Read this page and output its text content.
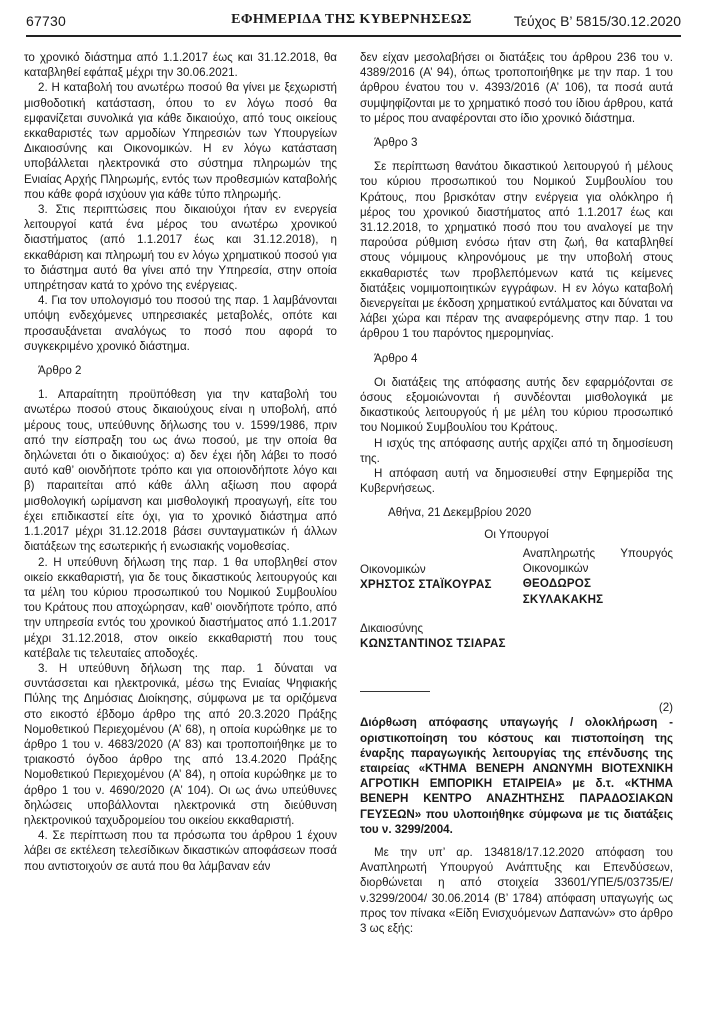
67730	ΕΦΗΜΕΡΙΔΑ ΤΗΣ ΚΥΒΕΡΝΗΣΕΩΣ	Τεύχος Β’ 5815/30.12.2020

το χρονικό διάστημα από 1.1.2017 έως και 31.12.2018, θα καταβληθεί εφάπαξ μέχρι την 30.06.2021.

2. Η καταβολή του ανωτέρω ποσού θα γίνει με ξεχωριστή μισθοδοτική κατάσταση, όπου το εν λόγω ποσό θα εμφανίζεται συνολικά για κάθε δικαιούχο, από τους οικείους εκκαθαριστές των αρμοδίων Υπηρεσιών των Υπουργείων Δικαιοσύνης και Οικονομικών. Η εν λόγω κατάσταση υποβάλλεται ηλεκτρονικά στο σύστημα πληρωμών της Ενιαίας Αρχής Πληρωμής, εντός των προθεσμιών καταβολής που κάθε φορά ισχύουν για κάθε τύπο πληρωμής.

3. Στις περιπτώσεις που δικαιούχοι ήταν εν ενεργεία λειτουργοί κατά ένα μέρος του ανωτέρω χρονικού διαστήματος (από 1.1.2017 έως και 31.12.2018), η εκκαθάριση και πληρωμή του εν λόγω χρηματικού ποσού για το διάστημα αυτό θα γίνει από την Υπηρεσία, στην οποία υπηρέτησαν κατά το χρόνο της ενέργειας.

4. Για τον υπολογισμό του ποσού της παρ. 1 λαμβάνονται υπόψη ενδεχόμενες υπηρεσιακές μεταβολές, οπότε και προσαυξάνεται αναλόγως το ποσό που αφορά το συγκεκριμένο χρονικό διάστημα.

Άρθρο 2

1. Απαραίτητη προϋπόθεση για την καταβολή του ανωτέρω ποσού στους δικαιούχους είναι η υποβολή, από μέρους τους, υπεύθυνης δήλωσης του ν. 1599/1986, πριν από την είσπραξη του ως άνω ποσού, με την οποία θα δηλώνεται ότι ο δικαιούχος: α) δεν έχει ήδη λάβει το ποσό αυτό καθ’ οιονδήποτε τρόπο και για οποιονδήποτε λόγο και β) παραιτείται από κάθε άλλη αξίωση που αφορά μισθολογική ωρίμανση και μισθολογική προαγωγή, είτε του έχει επιδικαστεί είτε όχι, για το χρονικό διάστημα από 1.1.2017 μέχρι 31.12.2018 βάσει συνταγματικών ή άλλων διατάξεων της εσωτερικής ή ενωσιακής νομοθεσίας.

2. Η υπεύθυνη δήλωση της παρ. 1 θα υποβληθεί στον οικείο εκκαθαριστή, για δε τους δικαστικούς λειτουργούς και τα μέλη του κύριου προσωπικού του Νομικού Συμβουλίου του Κράτους που αποχώρησαν, καθ’ οιονδήποτε τρόπο, από την υπηρεσία εντός του χρονικού διαστήματος από 1.1.2017 μέχρι 31.12.2018, στον οικείο εκκαθαριστή που τους κατέβαλε τις τελευταίες αποδοχές.

3. Η υπεύθυνη δήλωση της παρ. 1 δύναται να συντάσσεται και ηλεκτρονικά, μέσω της Ενιαίας Ψηφιακής Πύλης της Δημόσιας Διοίκησης, σύμφωνα με τα οριζόμενα στο εικοστό έβδομο άρθρο της από 20.3.2020 Πράξης Νομοθετικού Περιεχομένου (Α’ 68), η οποία κυρώθηκε με το άρθρο 1 του ν. 4683/2020 (Α’ 83) και τροποποιήθηκε με το τριακοστό όγδοο άρθρο της από 13.4.2020 Πράξης Νομοθετικού Περιεχομένου (Α’ 84), η οποία κυρώθηκε με το άρθρο 1 του ν. 4690/2020 (Α’ 104). Οι ως άνω υπεύθυνες δηλώσεις υποβάλλονται ηλεκτρονικά στη διεύθυνση ηλεκτρονικού ταχυδρομείου του οικείου εκκαθαριστή.

4. Σε περίπτωση που τα πρόσωπα του άρθρου 1 έχουν λάβει σε εκτέλεση τελεσίδικων δικαστικών αποφάσεων ποσά που αντιστοιχούν σε αυτά που θα λάμβαναν εάν

δεν είχαν μεσολαβήσει οι διατάξεις του άρθρου 236 του ν. 4389/2016 (Α’ 94), όπως τροποποιήθηκε με την παρ. 1 του άρθρου ένατου του ν. 4393/2016 (Α’ 106), τα ποσά αυτά συμψηφίζονται με το χρηματικό ποσό του ίδιου άρθρου, κατά το μέρος που αναφέρονται στο ίδιο χρονικό διάστημα.

Άρθρο 3

Σε περίπτωση θανάτου δικαστικού λειτουργού ή μέλους του κύριου προσωπικού του Νομικού Συμβουλίου του Κράτους, που βρισκόταν στην ενέργεια για ολόκληρο ή μέρος του χρονικού διαστήματος από 1.1.2017 έως και 31.12.2018, το χρηματικό ποσό που του αναλογεί με την παρούσα ρύθμιση ενόσω ήταν στη ζωή, θα καταβληθεί στους νόμιμους κληρονόμους με την υποβολή στους εκκαθαριστές των προβλεπόμενων κατά τις κείμενες διατάξεις νομιμοποιητικών εγγράφων. Η εν λόγω καταβολή διενεργείται με έκδοση χρηματικού εντάλματος και δύναται να λάβει χώρα και πέραν της αναφερόμενης στην παρ. 1 του άρθρου 1 του παρόντος ημερομηνίας.

Άρθρο 4

Οι διατάξεις της απόφασης αυτής δεν εφαρμόζονται σε όσους εξομοιώνονται ή συνδέονται μισθολογικά με δικαστικούς λειτουργούς ή με μέλη του κύριου προσωπικό του Νομικού Συμβουλίου του Κράτους.

Η ισχύς της απόφασης αυτής αρχίζει από τη δημοσίευση της.

Η απόφαση αυτή να δημοσιευθεί στην Εφημερίδα της Κυβερνήσεως.

Αθήνα, 21 Δεκεμβρίου 2020

Οι Υπουργοί

Οικονομικών

ΧΡΗΣΤΟΣ ΣΤΑΪΚΟΥΡΑΣ

Αναπληρωτής Υπουργός Οικονομικών

ΘΕΟΔΩΡΟΣ ΣΚΥΛΑΚΑΚΗΣ

Δικαιοσύνης

ΚΩΝΣΤΑΝΤΙΝΟΣ ΤΣΙΑΡΑΣ

(2)

Διόρθωση απόφασης υπαγωγής / ολοκλήρωση - οριστικοποίηση του κόστους και πιστοποίηση της έναρξης παραγωγικής λειτουργίας της επένδυσης της εταιρείας «ΚΤΗΜΑ ΒΕΝΕΡΗ ΑΝΩΝΥΜΗ ΒΙΟΤΕΧΝΙΚΗ ΑΓΡΟΤΙΚΗ ΕΜΠΟΡΙΚΗ ΕΤΑΙΡΕΙΑ» με δ.τ. «ΚΤΗΜΑ ΒΕΝΕΡΗ ΚΕΝΤΡΟ ΑΝΑΖΗΤΗΣΗΣ ΠΑΡΑΔΟΣΙΑΚΩΝ ΓΕΥΣΕΩΝ» που υλοποιήθηκε σύμφωνα με τις διατάξεις του ν. 3299/2004.

Με την υπ’ αρ. 134818/17.12.2020 απόφαση του Αναπληρωτή Υπουργού Ανάπτυξης και Επενδύσεων, διορθώνεται η από στοιχεία 33601/ΥΠΕ/5/03735/Ε/ν.3299/2004/ 30.06.2014 (Β’ 1784) απόφαση υπαγωγής ως προς τον πίνακα «Είδη Ενισχυόμενων Δαπανών» στο άρθρο 3 ως εξής:
